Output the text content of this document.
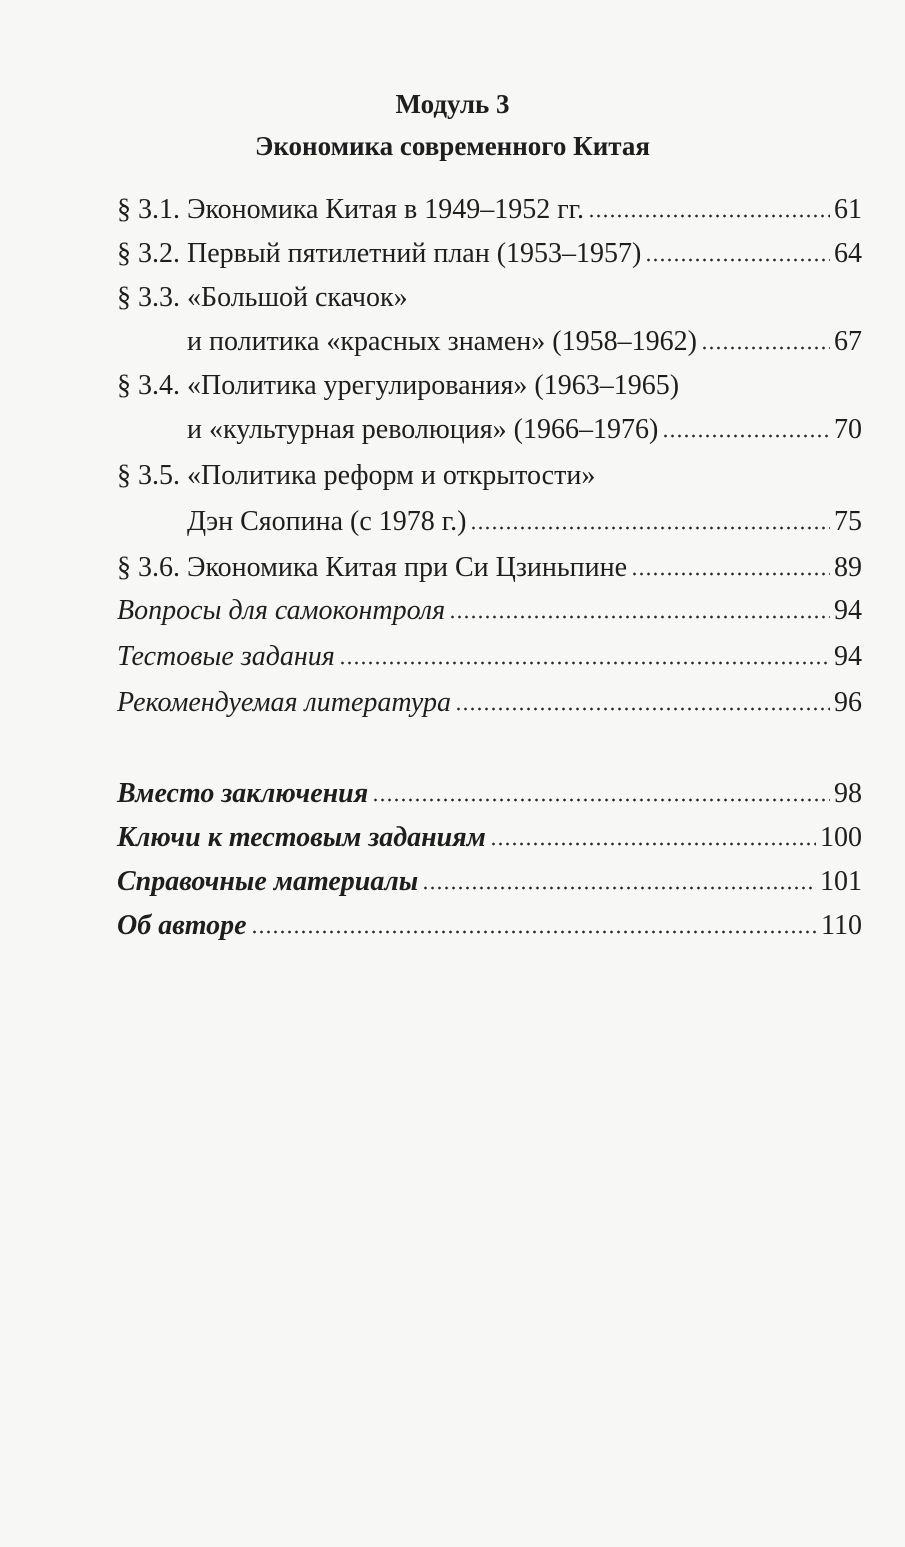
Модуль 3
Экономика современного Китая
§ 3.1. Экономика Китая в 1949–1952 гг.	61
§ 3.2. Первый пятилетний план (1953–1957)	64
§ 3.3. «Большой скачок»
и политика «красных знамен» (1958–1962)	67
§ 3.4. «Политика урегулирования» (1963–1965)
и «культурная революция» (1966–1976)	70
§ 3.5. «Политика реформ и открытости»
Дэн Сяопина (с 1978 г.)	75
§ 3.6. Экономика Китая при Си Цзиньпине	89
Вопросы для самоконтроля	94
Тестовые задания	94
Рекомендуемая литература	96
Вместо заключения	98
Ключи к тестовым заданиям	100
Справочные материалы	101
Об авторе	110
